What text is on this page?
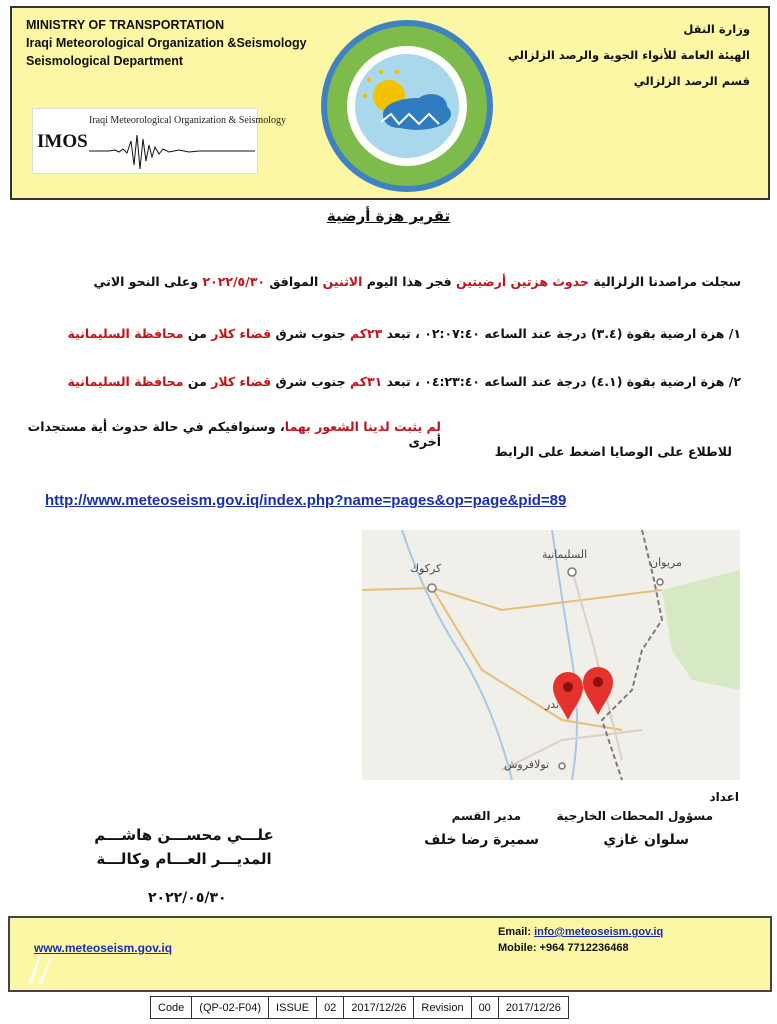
MINISTRY OF TRANSPORTATION
Iraqi Meteorological Organization &Seismology
Seismological Department
Iraqi Meteorological Organization & Seismology
IMOS
وزارة النقل
الهيئة العامة للأنواء الجوية والرصد الزلزالي
قسم الرصد الزلزالي
تقرير هزة أرضية
سجلت مراصدنا الزلزالية حدوث هزتين أرضيتين فجر هذا اليوم الاثنين الموافق ٢٠٢٢/٥/٣٠ وعلى النحو الاتي
١/ هزة ارضية بقوة (٣.٤) درجة عند الساعه ٠٢:٠٧:٤٠ ، تبعد ٢٣كم جنوب شرق قضاء كلار من محافظة السليمانية
٢/ هزة ارضية بقوة (٤.١) درجة عند الساعه ٠٤:٢٣:٤٠ ، تبعد ٣١كم جنوب شرق قضاء كلار من محافظة السليمانية
لم يثبت لدينا الشعور بهما، وسنوافيكم في حالة حدوث أية مستجدات أخرى
للاطلاع على الوصايا اضغط على الرابط
http://www.meteoseism.gov.iq/index.php?name=pages&op=page&pid=89
السليمانية
كركوك	مريوان
تولافروش
ندر
اعداد
مسؤول المحطات الخارجية
مدير القسم
سلوان غازي
سميرة رضا خلف
علـــي محســـن هاشـــم
المديـــر العـــام وكالـــة
٢٠٢٢/٠٥/٣٠
www.meteoseism.gov.iq
Email: info@meteoseism.gov.iq
Mobile: +964 7712236468
Code	(QP-02-F04)	ISSUE	02	2017/12/26	Revision	00	2017/12/26
